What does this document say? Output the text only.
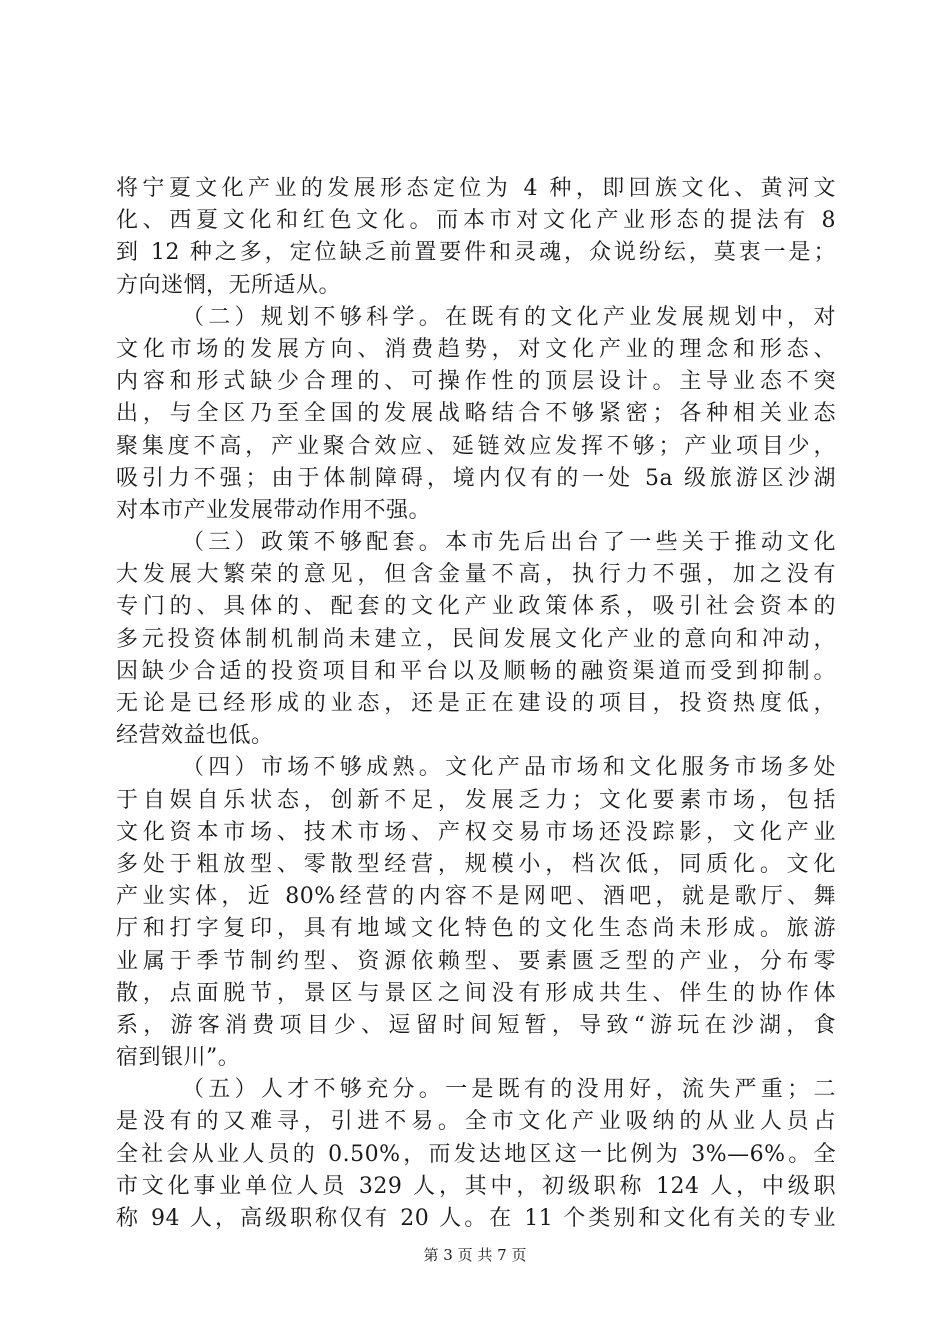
将宁夏文化产业的发展形态定位为 4 种，即回族文化、黄河文
化、西夏文化和红色文化。而本市对文化产业形态的提法有 8
到 12 种之多，定位缺乏前置要件和灵魂，众说纷纭，莫衷一是；
方向迷惘，无所适从。
（二）规划不够科学。在既有的文化产业发展规划中，对
文化市场的发展方向、消费趋势，对文化产业的理念和形态、
内容和形式缺少合理的、可操作性的顶层设计。主导业态不突
出，与全区乃至全国的发展战略结合不够紧密；各种相关业态
聚集度不高，产业聚合效应、延链效应发挥不够；产业项目少，
吸引力不强；由于体制障碍，境内仅有的一处 5a 级旅游区沙湖
对本市产业发展带动作用不强。
（三）政策不够配套。本市先后出台了一些关于推动文化
大发展大繁荣的意见，但含金量不高，执行力不强，加之没有
专门的、具体的、配套的文化产业政策体系，吸引社会资本的
多元投资体制机制尚未建立，民间发展文化产业的意向和冲动，
因缺少合适的投资项目和平台以及顺畅的融资渠道而受到抑制。
无论是已经形成的业态，还是正在建设的项目，投资热度低，
经营效益也低。
（四）市场不够成熟。文化产品市场和文化服务市场多处
于自娱自乐状态，创新不足，发展乏力；文化要素市场，包括
文化资本市场、技术市场、产权交易市场还没踪影，文化产业
多处于粗放型、零散型经营，规模小，档次低，同质化。文化
产业实体，近 80%经营的内容不是网吧、酒吧，就是歌厅、舞
厅和打字复印，具有地域文化特色的文化生态尚未形成。旅游
业属于季节制约型、资源依赖型、要素匮乏型的产业，分布零
散，点面脱节，景区与景区之间没有形成共生、伴生的协作体
系，游客消费项目少、逗留时间短暂，导致“游玩在沙湖，食
宿到银川”。
（五）人才不够充分。一是既有的没用好，流失严重；二
是没有的又难寻，引进不易。全市文化产业吸纳的从业人员占
全社会从业人员的 0.50%，而发达地区这一比例为 3%—6%。全
市文化事业单位人员 329 人，其中，初级职称 124 人，中级职
称 94 人，高级职称仅有 20 人。在 11 个类别和文化有关的专业
第 3 页 共 7 页
